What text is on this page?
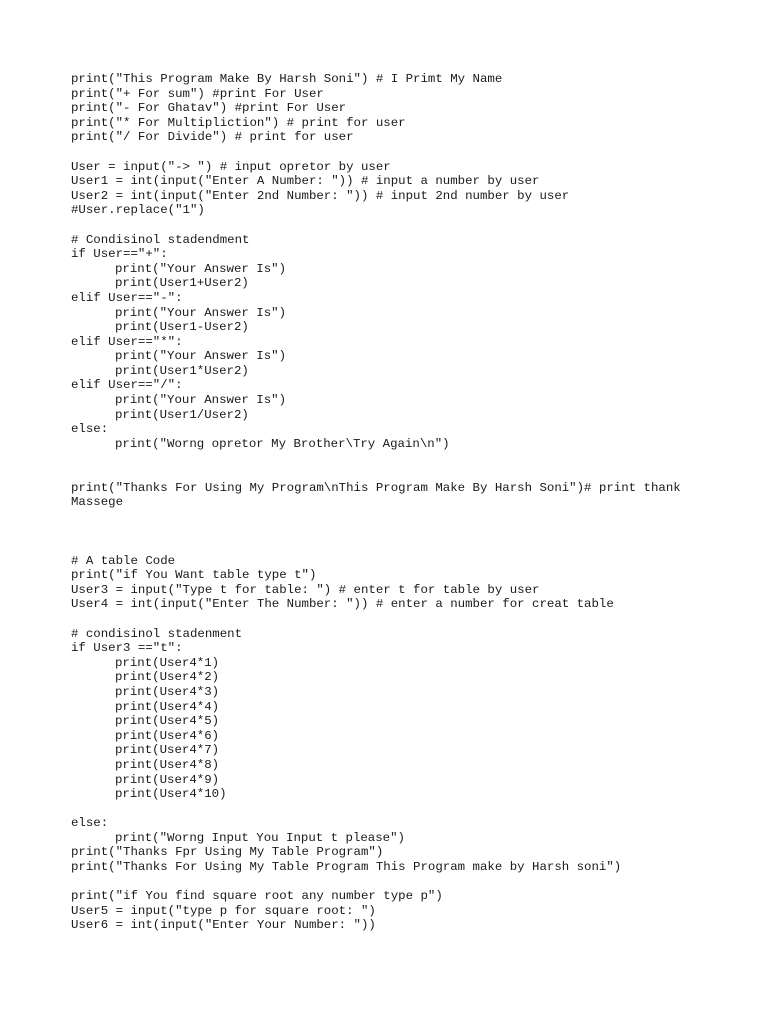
print("This Program Make By Harsh Soni") # I Primt My Name
print("+ For sum") #print For User
print("- For Ghatav") #print For User
print("* For Multipliction") # print for user
print("/ For Divide") # print for user
User = input("-> ") # input opretor by user
User1 = int(input("Enter A Number: ")) # input a number by user
User2 = int(input("Enter 2nd Number: ")) # input 2nd number by user
#User.replace("1")
# Condisinol stadendment
if User=="+":
print("Your Answer Is")
print(User1+User2)
elif User=="-":
print("Your Answer Is")
print(User1-User2)
elif User=="*":
print("Your Answer Is")
print(User1*User2)
elif User=="/":
print("Your Answer Is")
print(User1/User2)
else:
print("Worng opretor My Brother\Try Again\n")
print("Thanks For Using My Program\nThis Program Make By Harsh Soni")# print thank
Massege
# A table Code
print("if You Want table type t")
User3 = input("Type t for table: ") # enter t for table by user
User4 = int(input("Enter The Number: ")) # enter a number for creat table
# condisinol stadenment
if User3 =="t":
print(User4*1)
print(User4*2)
print(User4*3)
print(User4*4)
print(User4*5)
print(User4*6)
print(User4*7)
print(User4*8)
print(User4*9)
print(User4*10)
else:
print("Worng Input You Input t please")
print("Thanks Fpr Using My Table Program")
print("Thanks For Using My Table Program This Program make by Harsh soni")
print("if You find square root any number type p")
User5 = input("type p for square root: ")
User6 = int(input("Enter Your Number: "))
